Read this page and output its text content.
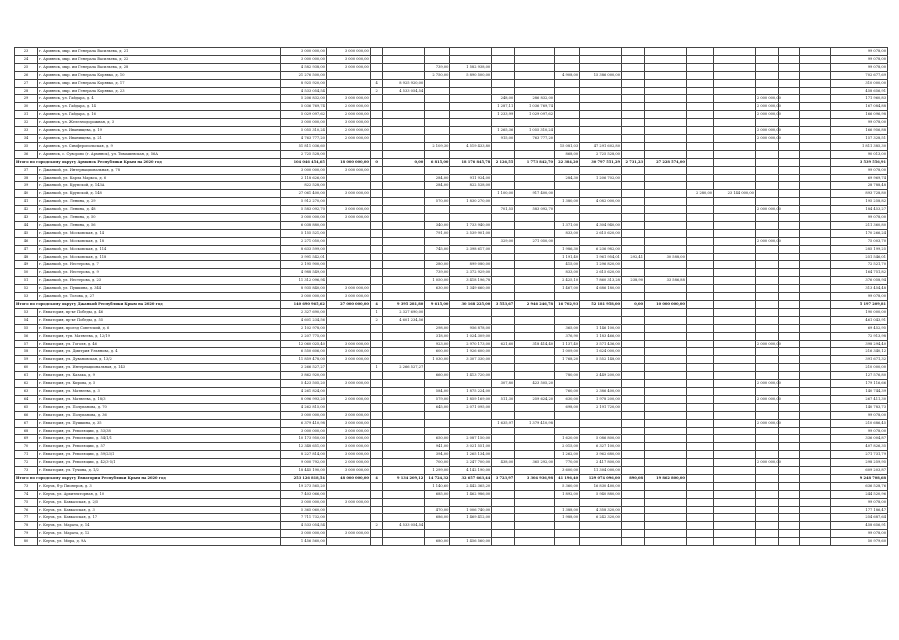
23	г. Армянск, мкр. им Генерала Васильева, д. 21	3 000 000,00	3 000 000,00																99 078,00
24	г. Армянск, мкр. им Генерала Васильева, д. 22	3 000 000,00	3 000 000,00																99 078,00
25	г. Армянск, мкр. им Генерала Васильева, д. 28	4 582 938,00	3 000 000,00			739,00	1 582 938,00												99 078,00
26	г. Армянск, мкр. им Генерала Корявко, д. 10	21 276 500,00				2 750,00	5 890 500,00			4 908,00	15 386 000,00								702 677,69
27	г. Армянск, мкр. им Генерала Корявко, д. 17	8 925 920,00		4	8 925 920,00														310 000,00
28	г. Армянск, мкр. им Генерала Корявко, д. 23	4 533 054,54		2	4 533 054,54														458 656,91
29	г. Армянск, ул. Гайдара, д. 4	5 206 832,00	3 000 000,00					248,00	286 832,00							2 000 000,00			171 960,83
30	г. Армянск, ул. Гайдара, д. 14	5 036 769,74	2 000 000,00					1 287,11	1 036 769,74							2 000 000,00			167 084,88
31	г. Армянск, ул. Гайдара, д. 16	5 029 097,62	2 000 000,00					1 233,99	1 029 097,62							2 000 000,00			166 096,98
32	г. Армянск, ул. Железнодорожная, д. 3	3 000 000,00	3 000 000,00																99 078,00
33	г. Армянск, ул. Иванищева, д. 19	5 055 310,24	2 000 000,00					1 265,36	1 055 310,24							2 000 000,00			166 956,88
34	г. Армянск, ул. Иванищева, д. 21	4 763 777,20	2 000 000,00					915,00	763 777,20							2 000 000,00			157 328,51
35	г. Армянск, ул. Симферопольская, д. 9	51 811 036,60				2 109,30	4 519 433,80			15 081,03	47 291 602,80								1 811 385,30
36	г. Армянск, с. Суворово (г. Армянск), ул. Тимашевская, д. 56А	2 725 528,00								868,00	2 725 528,00								90 013,00
Итого по городскому округу Армянск Республики Крым на 2020 год		104 046 454,65	18 000 000,00	0	0,00	6 815,00	18 176 845,78	2 126,55	1 773 842,70	22 384,20	30 797 551,29	2 731,23	27 228 574,00						3 539 556,91
37	г. Джанкой, ул. Интернациональная, д. 78	3 000 000,00	3 000 000,00																99 078,00
38	г. Джанкой, ул. Карла Маркса, д. 6	2 118 626,00				284,00	911 924,00			284,30	1 206 702,00								69 969,74
39	г. Джанкой, ул. Крупской, д. 143А	822 528,00				284,00	822 528,00												28 788,48
40	г. Джанкой, ул. Крупской, д. 148	27 061 400,00	3 000 000,00					1 100,00	917 400,00					2 280,00	23 144 000,00				893 728,80
41	г. Джанкой, ул. Ленина, д. 29	5 912 270,00				570,00	1 830 270,00			1 380,00	4 082 000,00								195 258,82
42	г. Джанкой, ул. Ленина, д. 48	5 583 092,70	3 000 000,00					701,55	583 092,70							2 000 000,00			184 453,27
43	г. Джанкой, ул. Ленина, д. 50	3 000 000,00	3 000 000,00																99 078,00
44	г. Джанкой, ул. Ленина, д. 56	6 038 880,00				340,00	1 733 940,00			1 371,00	4 304 940,00								211 360,80
45	г. Джанкой, ул. Московская, д. 14	5 155 521,00				791,00	2 539 901,00			833,00	2 615 620,00								170 266,24
46	г. Джанкой, ул. Московская, д. 18	2 271 050,00						329,00	271 050,00							2 000 000,00			75 003,70
47	г. Джанкой, ул. Московская, д. 114	8 633 599,00				745,00	2 398 617,00			1 986,30	6 236 982,00								285 199,25
48	г. Джанкой, ул. Московская, д. 118	3 991 542,01								1 191,40	1 961 954,01	292,41	30 588,00						251 546,01
49	г. Джанкой, ул. Нестерова, д. 7	2 195 900,00				280,00	899 080,00			415,00	1 296 820,00								72 521,70
50	г. Джанкой, ул. Нестерова, д. 9	4 988 549,00				739,00	2 372 929,00			833,00	2 615 620,00								164 751,82
51	г. Джанкой, ул. Нестерова, д. 23	11 312 096,94				1 050,00	3 418 196,78			2 425,10	7 860 313,28	238,90	33 586,88						376 058,94
52	г. Джанкой, ул. Пушкина, д. 344	8 935 840,00	3 000 000,00			630,00	1 349 660,00			1 467,00	4 686 180,00								313 454,48
53	г. Джанкой, ул. Толова, д. 27	3 000 000,00	3 000 000,00																99 078,00
Итого по городскому округу Джанкой Республики Крым на 2020 год		140 690 965,62	27 000 000,00	4	9 395 281,80	9 615,00	30 168 225,00	3 553,67	2 946 246,78	16 702,93	52 181 958,00	0,00	10 000 000,00						5 197 209,81
53	г. Евпатория, пр-кт Победы, д. 46	2 327 690,00		1	2 327 690,00														190 000,00
54	г. Евпатория, пр-кт Победы, д. 55	4 601 234,56		2	4 601 234,56														461 043,91
55	г. Евпатория, проезд Советский, д. 6	2 102 978,00				298,00	956 878,00			365,00	1 146 100,00								69 452,95
56	г. Евпатория, туп. Матвеева, д. 12/19	2 207 775,00				318,00	1 024 309,00			376,90	1 183 466,00								72 913,98
57	г. Евпатория, ул. Гоголя, д. 46	12 060 025,40	3 000 000,00			923,00	2 970 173,00	621,60	318 414,40	1 137,40	3 571 436,00					2 000 000,00			398 294,40
58	г. Евпатория, ул. Дмитрия Ульянова, д. 4	6 550 606,00	3 000 000,00			600,00	1 926 600,00			1 009,00	1 624 000,00								216 340,12
59	г. Евпатория, ул. Дувановская, д. 13/2	11 859 478,00	3 000 000,00			1 030,00	3 307 330,00			1 768,20	5 552 148,00								391 671,32
60	г. Евпатория, ул. Интернациональная, д. 143	2 266 527,27		1	2 266 527,27														210 000,00
61	г. Евпатория, ул. Казака, д. 9	3 862 920,00				660,00	1 413 720,00			780,00	2 449 200,00								127 576,80
62	г. Евпатория, ул. Кирова, д. 5	5 423 505,20	3 000 000,00					307,80	423 505,20							2 000 000,00			179 116,66
63	г. Евпатория, ул. Матвеева, д. 3	4 261 824,00				584,00	1 875 224,00			760,00	2 386 400,00								140 744,39
64	г. Евпатория, ул. Матвеева, д. 18/3	8 096 993,20	2 000 000,00			579,00	1 859 169,00	511,30	259 624,20	630,00	1 978 200,00					2 000 000,00			267 411,30
65	г. Евпатория, ул. Полупанова, д. 70	4 262 815,00				645,00	2 071 095,00			698,00	2 191 720,00								140 783,73
66	г. Евпатория, ул. Полупанова, д. 36	3 000 000,00	3 000 000,00																99 078,00
67	г. Евпатория, ул. Пушкина, д. 35	6 379 410,98	3 000 000,00					1 635,97	1 379 410,98							2 000 000,00			210 686,45
68	г. Евпатория, ул. Революции, д. 53/38	3 000 000,00	3 000 000,00																99 078,00
69	г. Евпатория, ул. Революции, д. 54/1/1	10 173 950,00	3 000 000,00			650,00	2 087 150,00			1 620,00	5 086 800,00								336 004,87
70	г. Евпатория, ул. Революции, д. 57	12 348 651,00	3 000 000,00			941,00	3 021 551,00			2 015,00	6 327 100,00								407 826,35
71	г. Евпатория, ул. Революции, д. 59/23/1	8 227 814,00	3 000 000,00			394,00	1 265 134,00			1 262,00	3 962 680,00								271 731,79
72	г. Евпатория, ул. Революции, д. 42/3-5/1	9 000 792,00	2 000 000,00			700,00	2 247 700,00	438,00	365 292,00	770,00	2 417 800,00					2 000 000,00			298 259,95
73	г. Евпатория, ул. Тучина, д. 1/2	18 445 190,00	3 000 000,00			1 299,00	4 142 190,00			3 600,00	11 304 000,00								609 203,87
Итого по городскому округу Евпатория Республики Крым на 2020 год		253 126 818,54	48 000 000,00	4	9 134 209,12	14 724,32	32 657 663,44	3 723,97	3 304 936,98	41 196,40	129 074 096,00	890,08	19 862 800,00						9 248 708,68
73	г. Керчь, б-р Пионеров, д. 3	19 273 565,20				1 140,60	2 442 365,20			5 360,00	16 830 400,00								636 528,76
74	г. Керчь, ул. Архитекторная, д. 10	7 403 066,00				685,00	1 462 986,00			1 892,00	5 940 880,00								244 520,96
75	г. Керчь, ул. Кавказская, д. 2/5	3 000 000,00	3 000 000,00																99 078,00
76	г. Керчь, ул. Кавказская, д. 3	5 365 060,00				470,00	1 006 740,00			1 388,00	4 358 320,00								177 186,47
77	г. Керчь, ул. Кавказская, д. 17	7 711 732,00				686,00	1 469 412,00			1 988,00	6 242 320,00								254 687,64
78	г. Керчь, ул. Марата, д. 14	4 533 054,54		2	4 533 054,54														458 656,91
79	г. Керчь, ул. Марата, д. 12	3 000 000,00	3 000 000,00																99 078,00
80	г. Керчь, ул. Мира, д. 9А	1 456 560,00				680,00	1 456 560,00												50 979,60
